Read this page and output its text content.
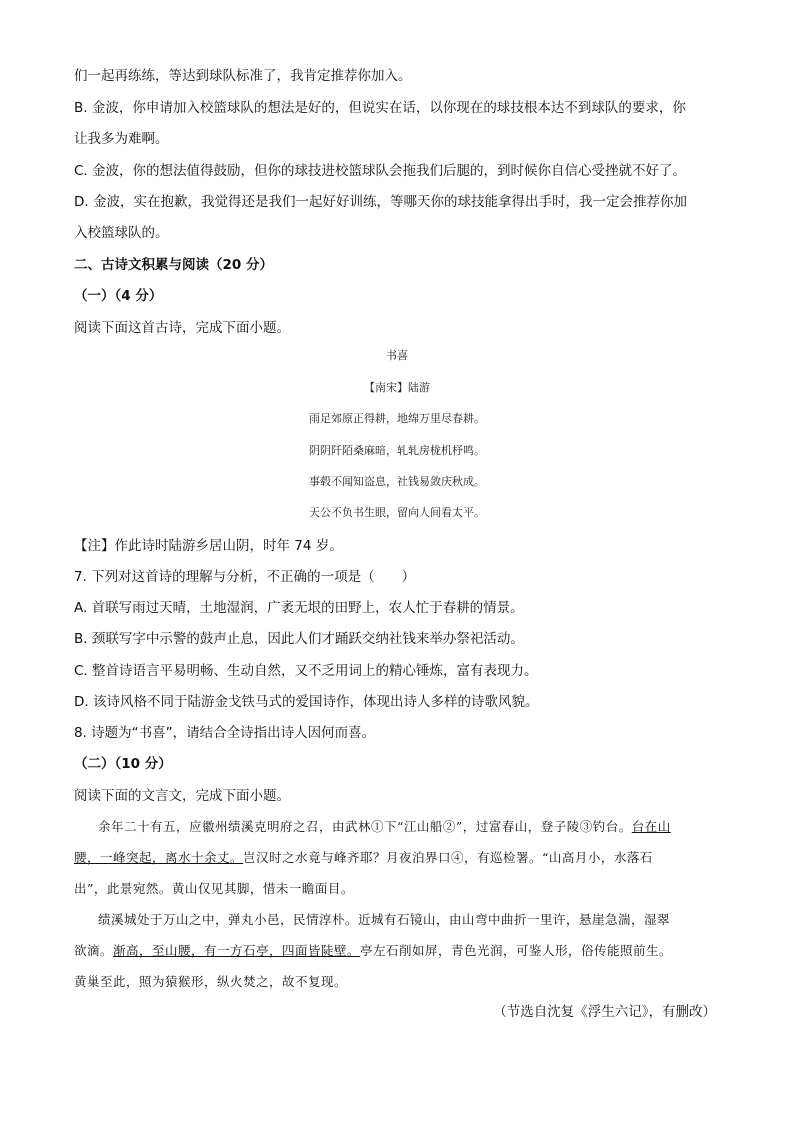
们一起再练练，等达到球队标准了，我肯定推荐你加入。
B. 金波，你申请加入校篮球队的想法是好的，但说实在话，以你现在的球技根本达不到球队的要求，你
让我多为难啊。
C. 金波，你的想法值得鼓励，但你的球技进校篮球队会拖我们后腿的，到时候你自信心受挫就不好了。
D. 金波，实在抱歉，我觉得还是我们一起好好训练，等哪天你的球技能拿得出手时，我一定会推荐你加
入校篮球队的。
二、古诗文积累与阅读（20 分）
（一）（4 分）
阅读下面这首古诗，完成下面小题。
书喜
【南宋】陆游
雨足郊原正得耕，地绵万里尽春耕。
阴阴阡陌桑麻暗，轧轧房栊机杼鸣。
事毂不闻知盗息，社钱易敛庆秋成。
天公不负书生眼，留向人间看太平。
【注】作此诗时陆游乡居山阴，时年 74 岁。
7. 下列对这首诗的理解与分析，不正确的一项是（　　）
A. 首联写雨过天晴，土地湿润，广袤无垠的田野上，农人忙于春耕的情景。
B. 颈联写字中示警的鼓声止息，因此人们才踊跃交纳社钱来举办祭祀活动。
C. 整首诗语言平易明畅、生动自然，又不乏用词上的精心锤炼，富有表现力。
D. 该诗风格不同于陆游金戈铁马式的爱国诗作，体现出诗人多样的诗歌风貌。
8. 诗题为“书喜”，请结合全诗指出诗人因何而喜。
（二）（10 分）
阅读下面的文言文，完成下面小题。
余年二十有五，应徽州绩溪克明府之召，由武林①下“江山船②”，过富春山，登子陵③钓台。台在山
腰，一峰突起，离水十余丈。岂汉时之水竟与峰齐耶？月夜泊界口④，有巡检署。“山高月小，水落石
出”，此景宛然。黄山仅见其脚，惜未一瞻面目。
绩溪城处于万山之中，弹丸小邑，民情淳朴。近城有石镜山，由山弯中曲折一里许，悬崖急湍，湿翠
欲滴。渐高，至山腰，有一方石亭，四面皆陡壁。亭左石削如屏，青色光润，可鉴人形，俗传能照前生。
黄巢至此，照为猿猴形，纵火焚之，故不复现。
（节选自沈复《浮生六记》，有删改）
